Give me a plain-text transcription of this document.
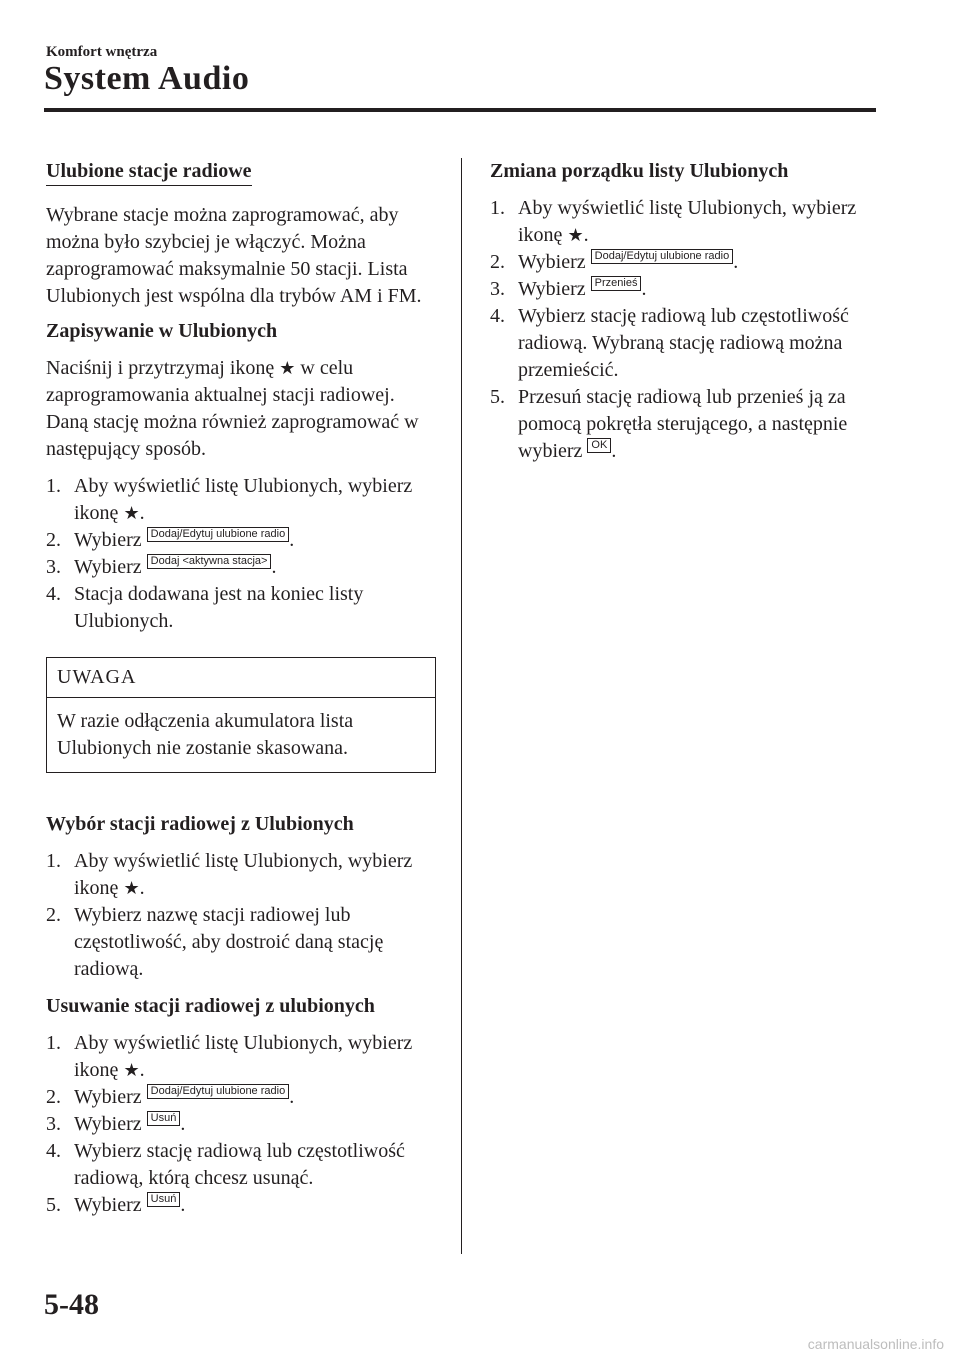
Komfort wnętrza
System Audio
Ulubione stacje radiowe

Wybrane stacje można zaprogramować, aby można było szybciej je włączyć. Można zaprogramować maksymalnie 50 stacji. Lista Ulubionych jest wspólna dla trybów AM i FM.

Zapisywanie w Ulubionych

Naciśnij i przytrzymaj ikonę ★ w celu zaprogramowania aktualnej stacji radiowej. Daną stację można również zaprogramować w następujący sposób.

1. Aby wyświetlić listę Ulubionych, wybierz ikonę ★.
2. Wybierz Dodaj/Edytuj ulubione radio .
3. Wybierz Dodaj <aktywna stacja> .
4. Stacja dodawana jest na koniec listy Ulubionych.
UWAGA
W razie odłączenia akumulatora lista Ulubionych nie zostanie skasowana.
Wybór stacji radiowej z Ulubionych
1. Aby wyświetlić listę Ulubionych, wybierz ikonę ★.
2. Wybierz nazwę stacji radiowej lub częstotliwość, aby dostroić daną stację radiową.
Usuwanie stacji radiowej z ulubionych
1. Aby wyświetlić listę Ulubionych, wybierz ikonę ★.
2. Wybierz Dodaj/Edytuj ulubione radio .
3. Wybierz Usuń .
4. Wybierz stację radiową lub częstotliwość radiową, którą chcesz usunąć.
5. Wybierz Usuń .
Zmiana porządku listy Ulubionych
1. Aby wyświetlić listę Ulubionych, wybierz ikonę ★.
2. Wybierz Dodaj/Edytuj ulubione radio .
3. Wybierz Przenieś .
4. Wybierz stację radiową lub częstotliwość radiową. Wybraną stację radiową można przemieścić.
5. Przesuń stację radiową lub przenieś ją za pomocą pokrętła sterującego, a następnie wybierz OK .
5-48
carmanualsonline.info
